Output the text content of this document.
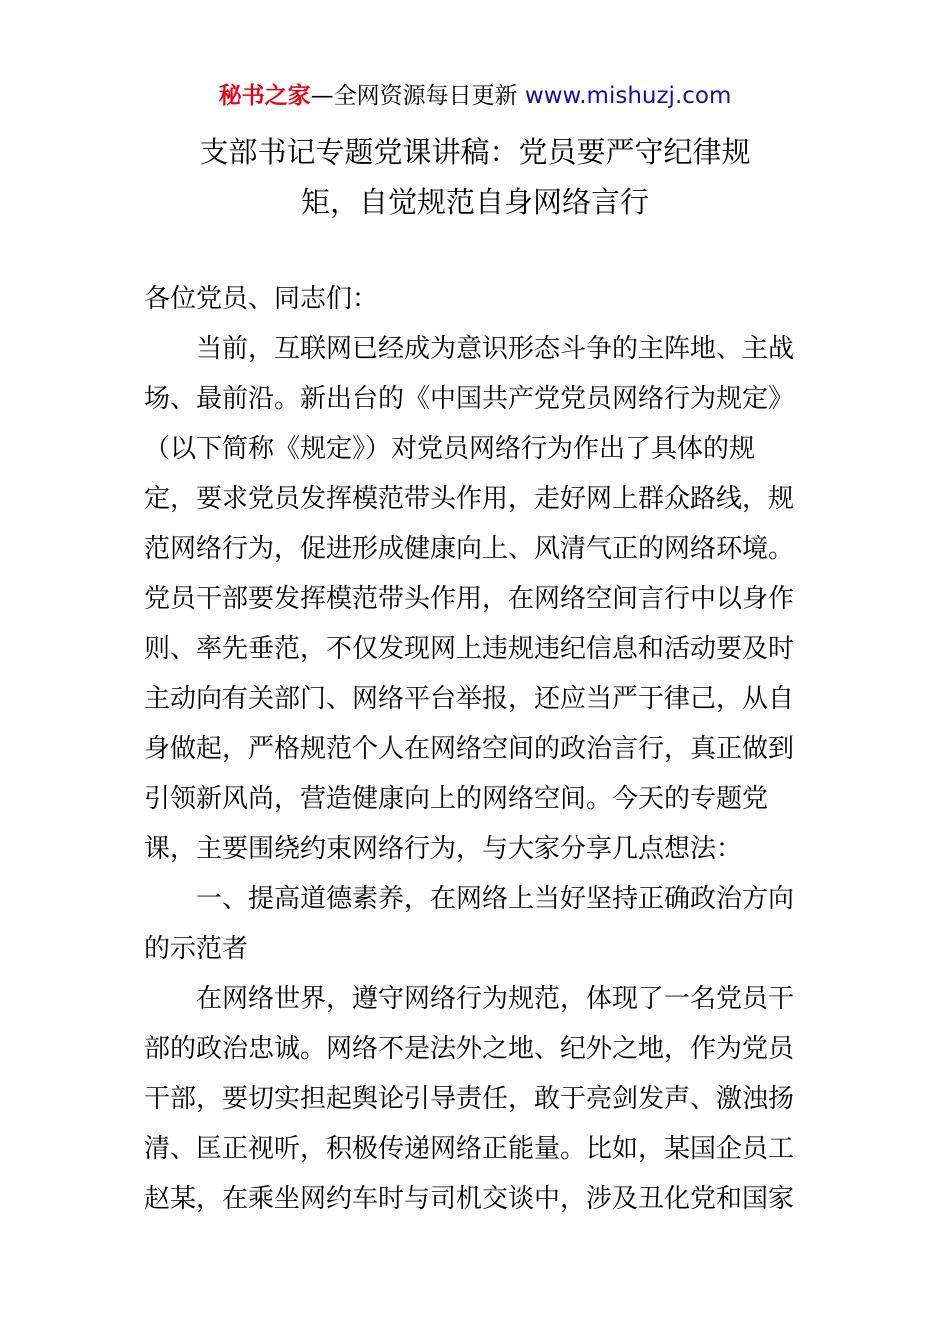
秘书之家—全网资源每日更新 www.mishuzj.com
支部书记专题党课讲稿：党员要严守纪律规
矩，自觉规范自身网络言行
各位党员、同志们：
当前，互联网已经成为意识形态斗争的主阵地、主战
场、最前沿。新出台的《中国共产党党员网络行为规定》
（以下简称《规定》）对党员网络行为作出了具体的规
定，要求党员发挥模范带头作用，走好网上群众路线，规
范网络行为，促进形成健康向上、风清气正的网络环境。
党员干部要发挥模范带头作用，在网络空间言行中以身作
则、率先垂范，不仅发现网上违规违纪信息和活动要及时
主动向有关部门、网络平台举报，还应当严于律己，从自
身做起，严格规范个人在网络空间的政治言行，真正做到
引领新风尚，营造健康向上的网络空间。今天的专题党
课，主要围绕约束网络行为，与大家分享几点想法：
一、提高道德素养，在网络上当好坚持正确政治方向
的示范者
在网络世界，遵守网络行为规范，体现了一名党员干
部的政治忠诚。网络不是法外之地、纪外之地，作为党员
干部，要切实担起舆论引导责任，敢于亮剑发声、激浊扬
清、匡正视听，积极传递网络正能量。比如，某国企员工
赵某，在乘坐网约车时与司机交谈中，涉及丑化党和国家
